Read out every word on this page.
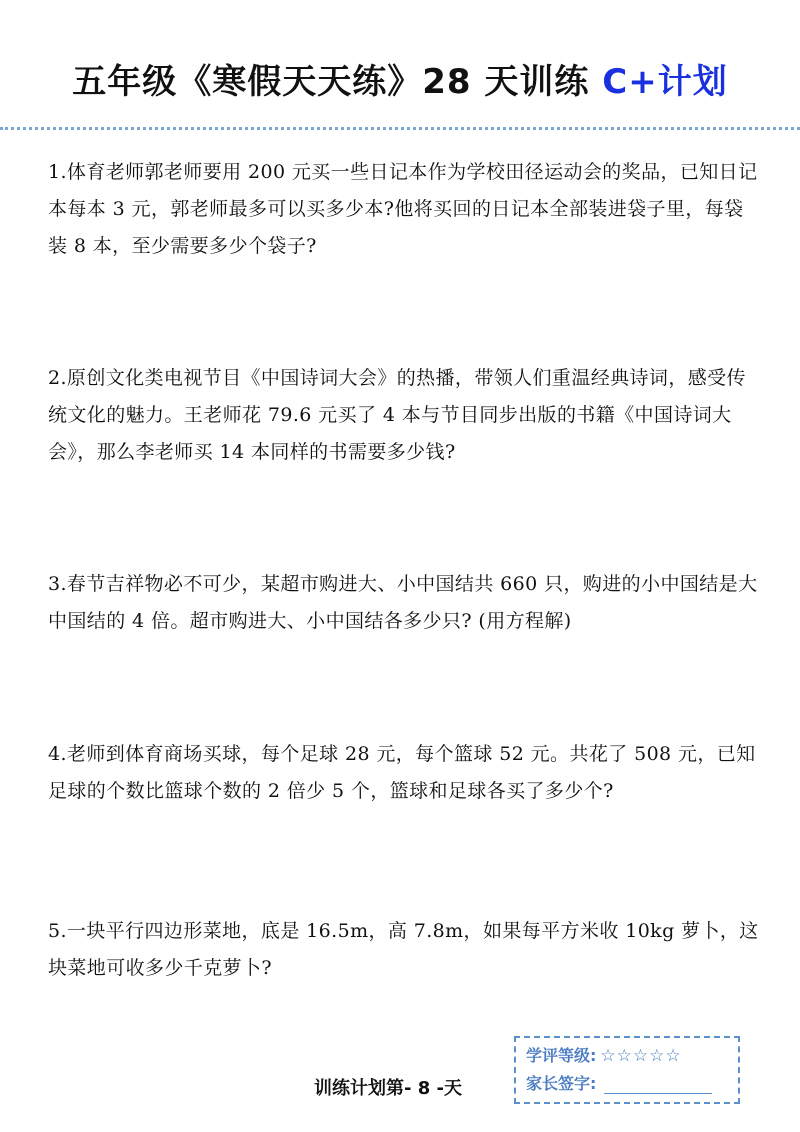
五年级《寒假天天练》28 天训练 C+计划
1.体育老师郭老师要用 200 元买一些日记本作为学校田径运动会的奖品，已知日记本每本 3 元，郭老师最多可以买多少本?他将买回的日记本全部装进袋子里，每袋装 8 本，至少需要多少个袋子?
2.原创文化类电视节目《中国诗词大会》的热播，带领人们重温经典诗词，感受传统文化的魅力。王老师花 79.6 元买了 4 本与节目同步出版的书籍《中国诗词大会》，那么李老师买 14 本同样的书需要多少钱?
3.春节吉祥物必不可少，某超市购进大、小中国结共 660 只，购进的小中国结是大中国结的 4 倍。超市购进大、小中国结各多少只? (用方程解)
4.老师到体育商场买球，每个足球 28 元，每个篮球 52 元。共花了 508 元，已知足球的个数比篮球个数的 2 倍少 5 个，篮球和足球各买了多少个?
5.一块平行四边形菜地，底是 16.5m，高 7.8m，如果每平方米收 10kg 萝卜，这块菜地可收多少千克萝卜?
训练计划第- 8 -天
学评等级: ☆☆☆☆☆
家长签字:
